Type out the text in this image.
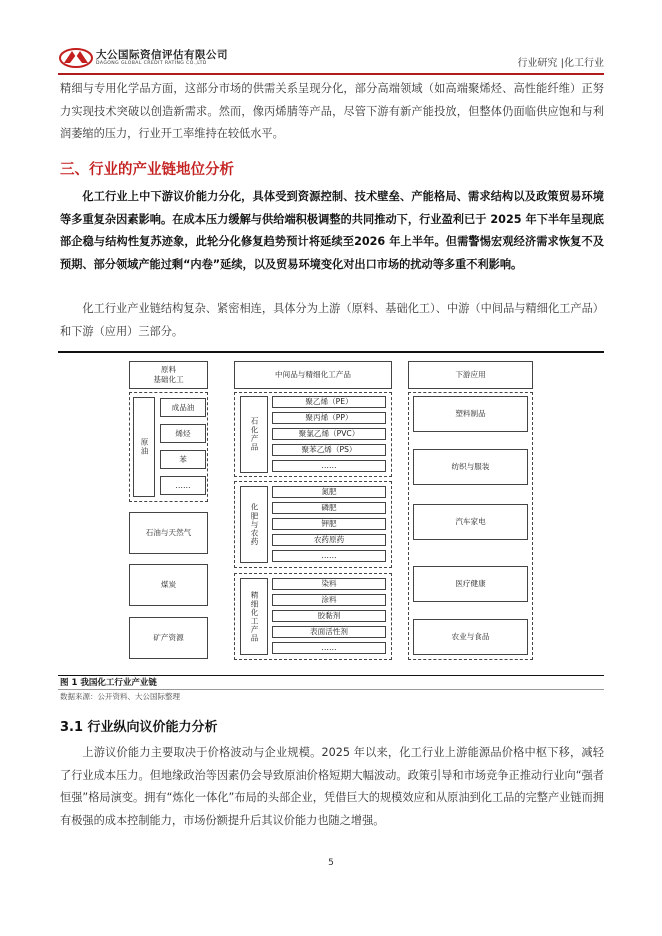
大公国际资信评估有限公司
DAGONG GLOBAL CREDIT RATING CO.,LTD	行业研究 |化工行业

精细与专用化学品方面，这部分市场的供需关系呈现分化，部分高端领域（如高端聚烯烃、高性能纤维）正努力实现技术突破以创造新需求。然而，像丙烯腈等产品，尽管下游有新产能投放，但整体仍面临供应饱和与利润萎缩的压力，行业开工率维持在较低水平。

三、行业的产业链地位分析

化工行业上中下游议价能力分化，具体受到资源控制、技术壁垒、产能格局、需求结构以及政策贸易环境等多重复杂因素影响。在成本压力缓解与供给端积极调整的共同推动下，行业盈利已于 2025 年下半年呈现底部企稳与结构性复苏迹象，此轮分化修复趋势预计将延续至2026 年上半年。但需警惕宏观经济需求恢复不及预期、部分领域产能过剩“内卷”延续，以及贸易环境变化对出口市场的扰动等多重不利影响。

化工行业产业链结构复杂、紧密相连，具体分为上游（原料、基础化工）、中游（中间品与精细化工产品）和下游（应用）三部分。

原料
基础化工
原油
成品油
烯烃
苯
……
石油与天然气
煤炭
矿产资源
中间品与精细化工产品
石化产品
聚乙烯（PE）
聚丙烯（PP）
聚氯乙烯（PVC）
聚苯乙烯（PS）
……
化肥与农药
氮肥
磷肥
钾肥
农药原药
……
精细化工产品
染料
涂料
胶黏剂
表面活性剂
……
下游应用
塑料制品
纺织与服装
汽车家电
医疗健康
农业与食品
图 1 我国化工行业产业链
数据来源：公开资料、大公国际整理
3.1 行业纵向议价能力分析

上游议价能力主要取决于价格波动与企业规模。2025 年以来，化工行业上游能源品价格中枢下移，减轻了行业成本压力。但地缘政治等因素仍会导致原油价格短期大幅波动。政策引导和市场竞争正推动行业向“强者恒强”格局演变。拥有“炼化一体化”布局的头部企业，凭借巨大的规模效应和从原油到化工品的完整产业链而拥有极强的成本控制能力，市场份额提升后其议价能力也随之增强。

5
